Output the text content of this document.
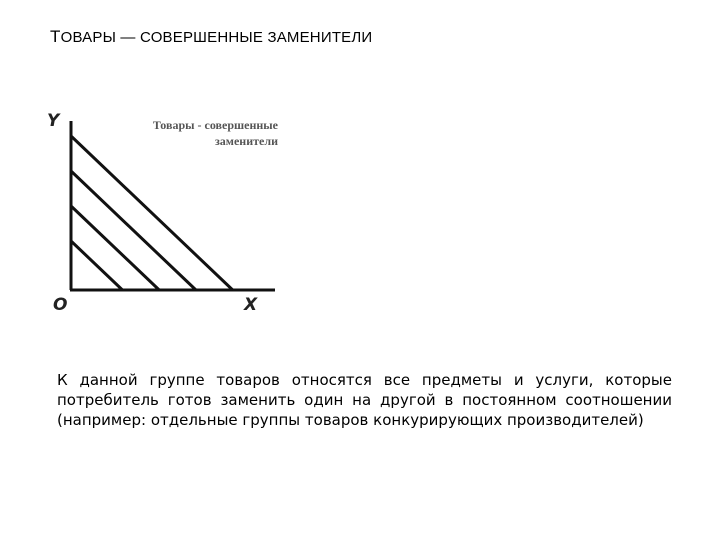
ТОВАРЫ — СОВЕРШЕННЫЕ ЗАМЕНИТЕЛИ
Y
X
O
Товары - совершенные заменители
К данной группе товаров относятся все предметы и услуги, которые потребитель готов заменить один на другой в постоянном соотношении (например: отдельные группы товаров конкурирующих производителей)
